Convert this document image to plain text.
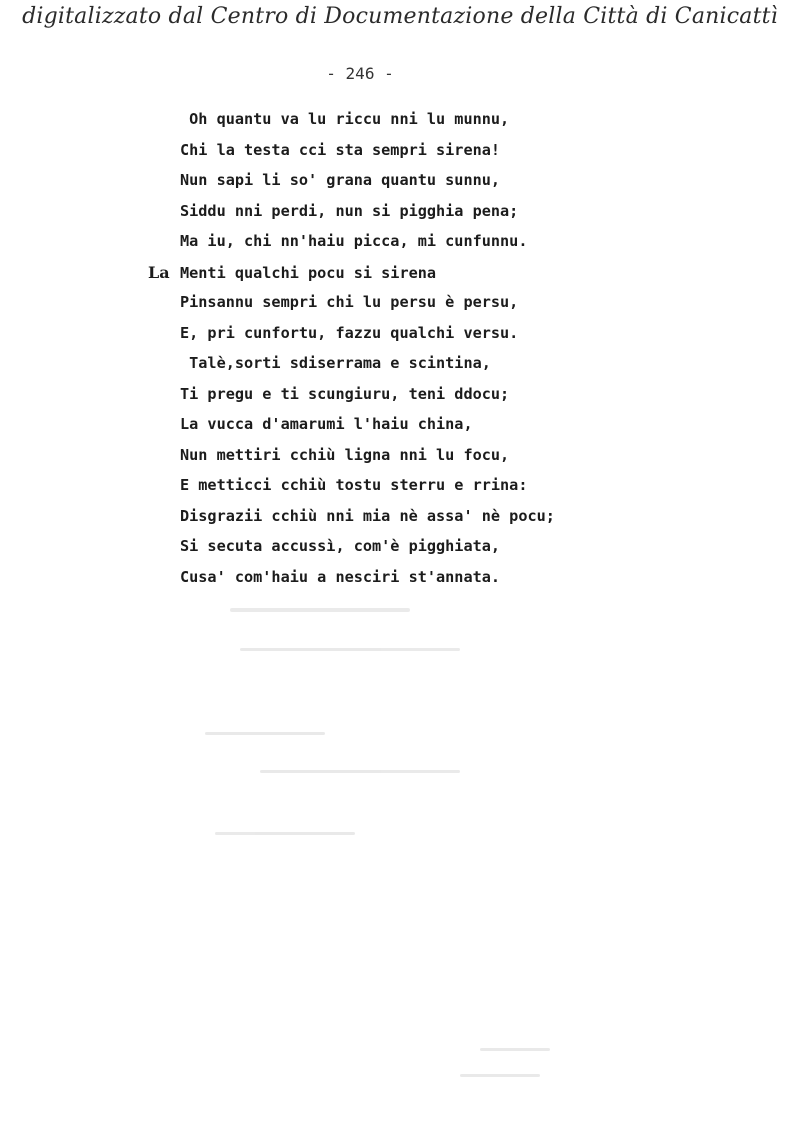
digitalizzato dal Centro di Documentazione della Città di Canicattì
- 246 -
Oh quantu va lu riccu nni lu munnu,
Chi la testa cci sta sempri sirena!
Nun sapi li so' grana quantu sunnu,
Siddu nni perdi, nun si pigghia pena;
Ma iu, chi nn'haiu picca, mi cunfunnu.
La Menti qualchi pocu si sirena
Pinsannu sempri chi lu persu è persu,
E, pri cunfortu, fazzu qualchi versu.
Talè,sorti sdiserrama e scintina,
Ti pregu e ti scungiuru, teni ddocu;
La vucca d'amarumi l'haiu china,
Nun mettiri cchiù ligna nni lu focu,
E metticci cchiù tostu sterru e rrina:
Disgrazii cchiù nni mia nè assa' nè pocu;
Si secuta accussì, com'è pigghiata,
Cusa' com'haiu a nesciri st'annata.
